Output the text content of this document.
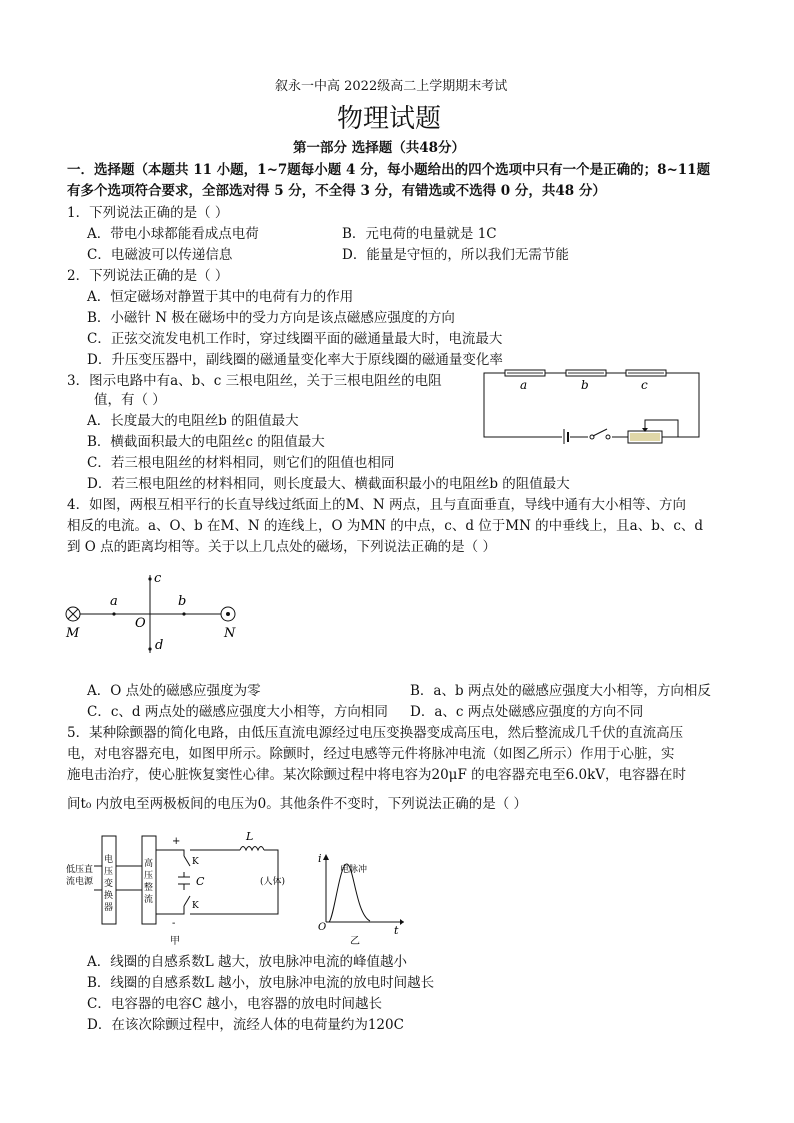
叙永一中高 2022级高二上学期期末考试
物理试题
第一部分 选择题（共48分）
一．选择题（本题共 11 小题，1~7题每小题 4 分，每小题给出的四个选项中只有一个是正确的；8~11题
有多个选项符合要求，全部选对得 5 分，不全得 3 分，有错选或不选得 0 分，共48 分）
1．下列说法正确的是（ ）
A．带电小球都能看成点电荷	B．元电荷的电量就是 1C
C．电磁波可以传递信息	D．能量是守恒的，所以我们无需节能
2．下列说法正确的是（ ）
A．恒定磁场对静置于其中的电荷有力的作用
B．小磁针 N 极在磁场中的受力方向是该点磁感应强度的方向
C．正弦交流发电机工作时，穿过线圈平面的磁通量最大时，电流最大
D．升压变压器中，副线圈的磁通量变化率大于原线圈的磁通量变化率
3．图示电路中有a、b、c 三根电阻丝，关于三根电阻丝的电阻
值，有（ ）
A．长度最大的电阻丝b 的阻值最大
B．横截面积最大的电阻丝c 的阻值最大
C．若三根电阻丝的材料相同，则它们的阻值也相同
D．若三根电阻丝的材料相同，则长度最大、横截面积最小的电阻丝b 的阻值最大
a	b	c
4．如图，两根互相平行的长直导线过纸面上的M、N 两点，且与直面垂直，导线中通有大小相等、方向
相反的电流。a、O、b 在M、N 的连线上，O 为MN 的中点，c、d 位于MN 的中垂线上，且a、b、c、d
到 O 点的距离均相等。关于以上几点处的磁场，下列说法正确的是（ ）
M	N
O
a	b
c
d
A．O 点处的磁感应强度为零	B．a、b 两点处的磁感应强度大小相等，方向相反
C．c、d 两点处的磁感应强度大小相等，方向相同 D．a、c 两点处磁感应强度的方向不同
5．某种除颤器的简化电路，由低压直流电源经过电压变换器变成高压电，然后整流成几千伏的直流高压
电，对电容器充电，如图甲所示。除颤时，经过电感等元件将脉冲电流（如图乙所示）作用于心脏，实
施电击治疗，使心脏恢复窦性心律。某次除颤过程中将电容为20μF 的电容器充电至6.0kV，电容器在时
间t₀ 内放电至两极板间的电压为0。其他条件不变时，下列说法正确的是（ ）
低压直
流电源
电
压
变
换
器
高
压
整
流
+
-
K
K
C
L
(人体)
甲
i
t
O
电脉冲
乙
A．线圈的自感系数L 越大，放电脉冲电流的峰值越小
B．线圈的自感系数L 越小，放电脉冲电流的放电时间越长
C．电容器的电容C 越小，电容器的放电时间越长
D．在该次除颤过程中，流经人体的电荷量约为120C
